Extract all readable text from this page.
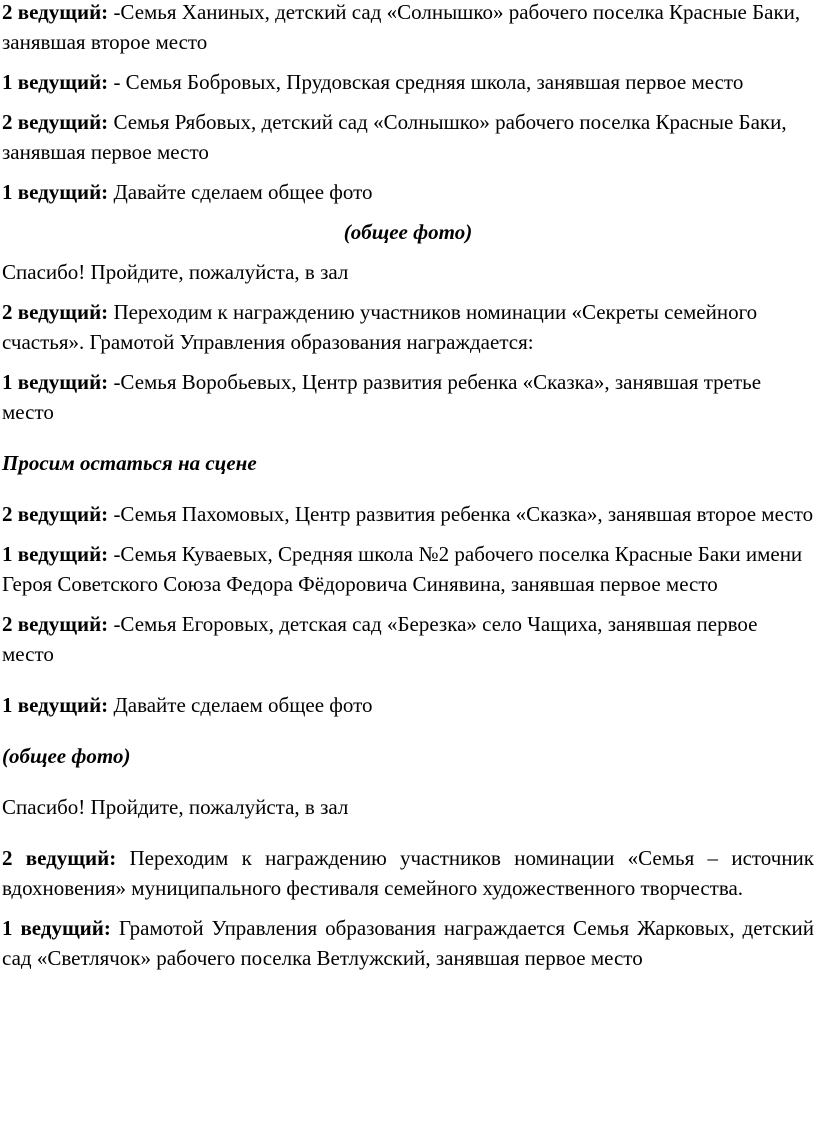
2 ведущий: -Семья Ханиных, детский сад «Солнышко» рабочего поселка Красные Баки, занявшая второе место

1 ведущий: - Семья Бобровых, Прудовская средняя школа, занявшая первое место

2 ведущий: Семья Рябовых, детский сад «Солнышко» рабочего поселка Красные Баки, занявшая первое место

1 ведущий: Давайте сделаем общее фото

(общее фото)

Спасибо! Пройдите, пожалуйста, в зал

2 ведущий: Переходим к награждению участников номинации «Секреты семейного счастья». Грамотой Управления образования награждается:

1 ведущий: -Семья Воробьевых, Центр развития ребенка «Сказка», занявшая третье место

Просим остаться на сцене

2 ведущий: -Семья Пахомовых, Центр развития ребенка «Сказка», занявшая второе место

1 ведущий: -Семья Куваевых, Средняя школа №2 рабочего поселка Красные Баки имени Героя Советского Союза Федора Фёдоровича Синявина, занявшая первое место

2 ведущий: -Семья Егоровых, детская сад «Березка» село Чащиха, занявшая первое место

1 ведущий: Давайте сделаем общее фото

(общее фото)

Спасибо! Пройдите, пожалуйста, в зал

2 ведущий: Переходим к награждению участников номинации «Семья – источник вдохновения» муниципального фестиваля семейного художественного творчества.

1 ведущий: Грамотой Управления образования награждается Семья Жарковых, детский сад «Светлячок» рабочего поселка Ветлужский, занявшая первое место
